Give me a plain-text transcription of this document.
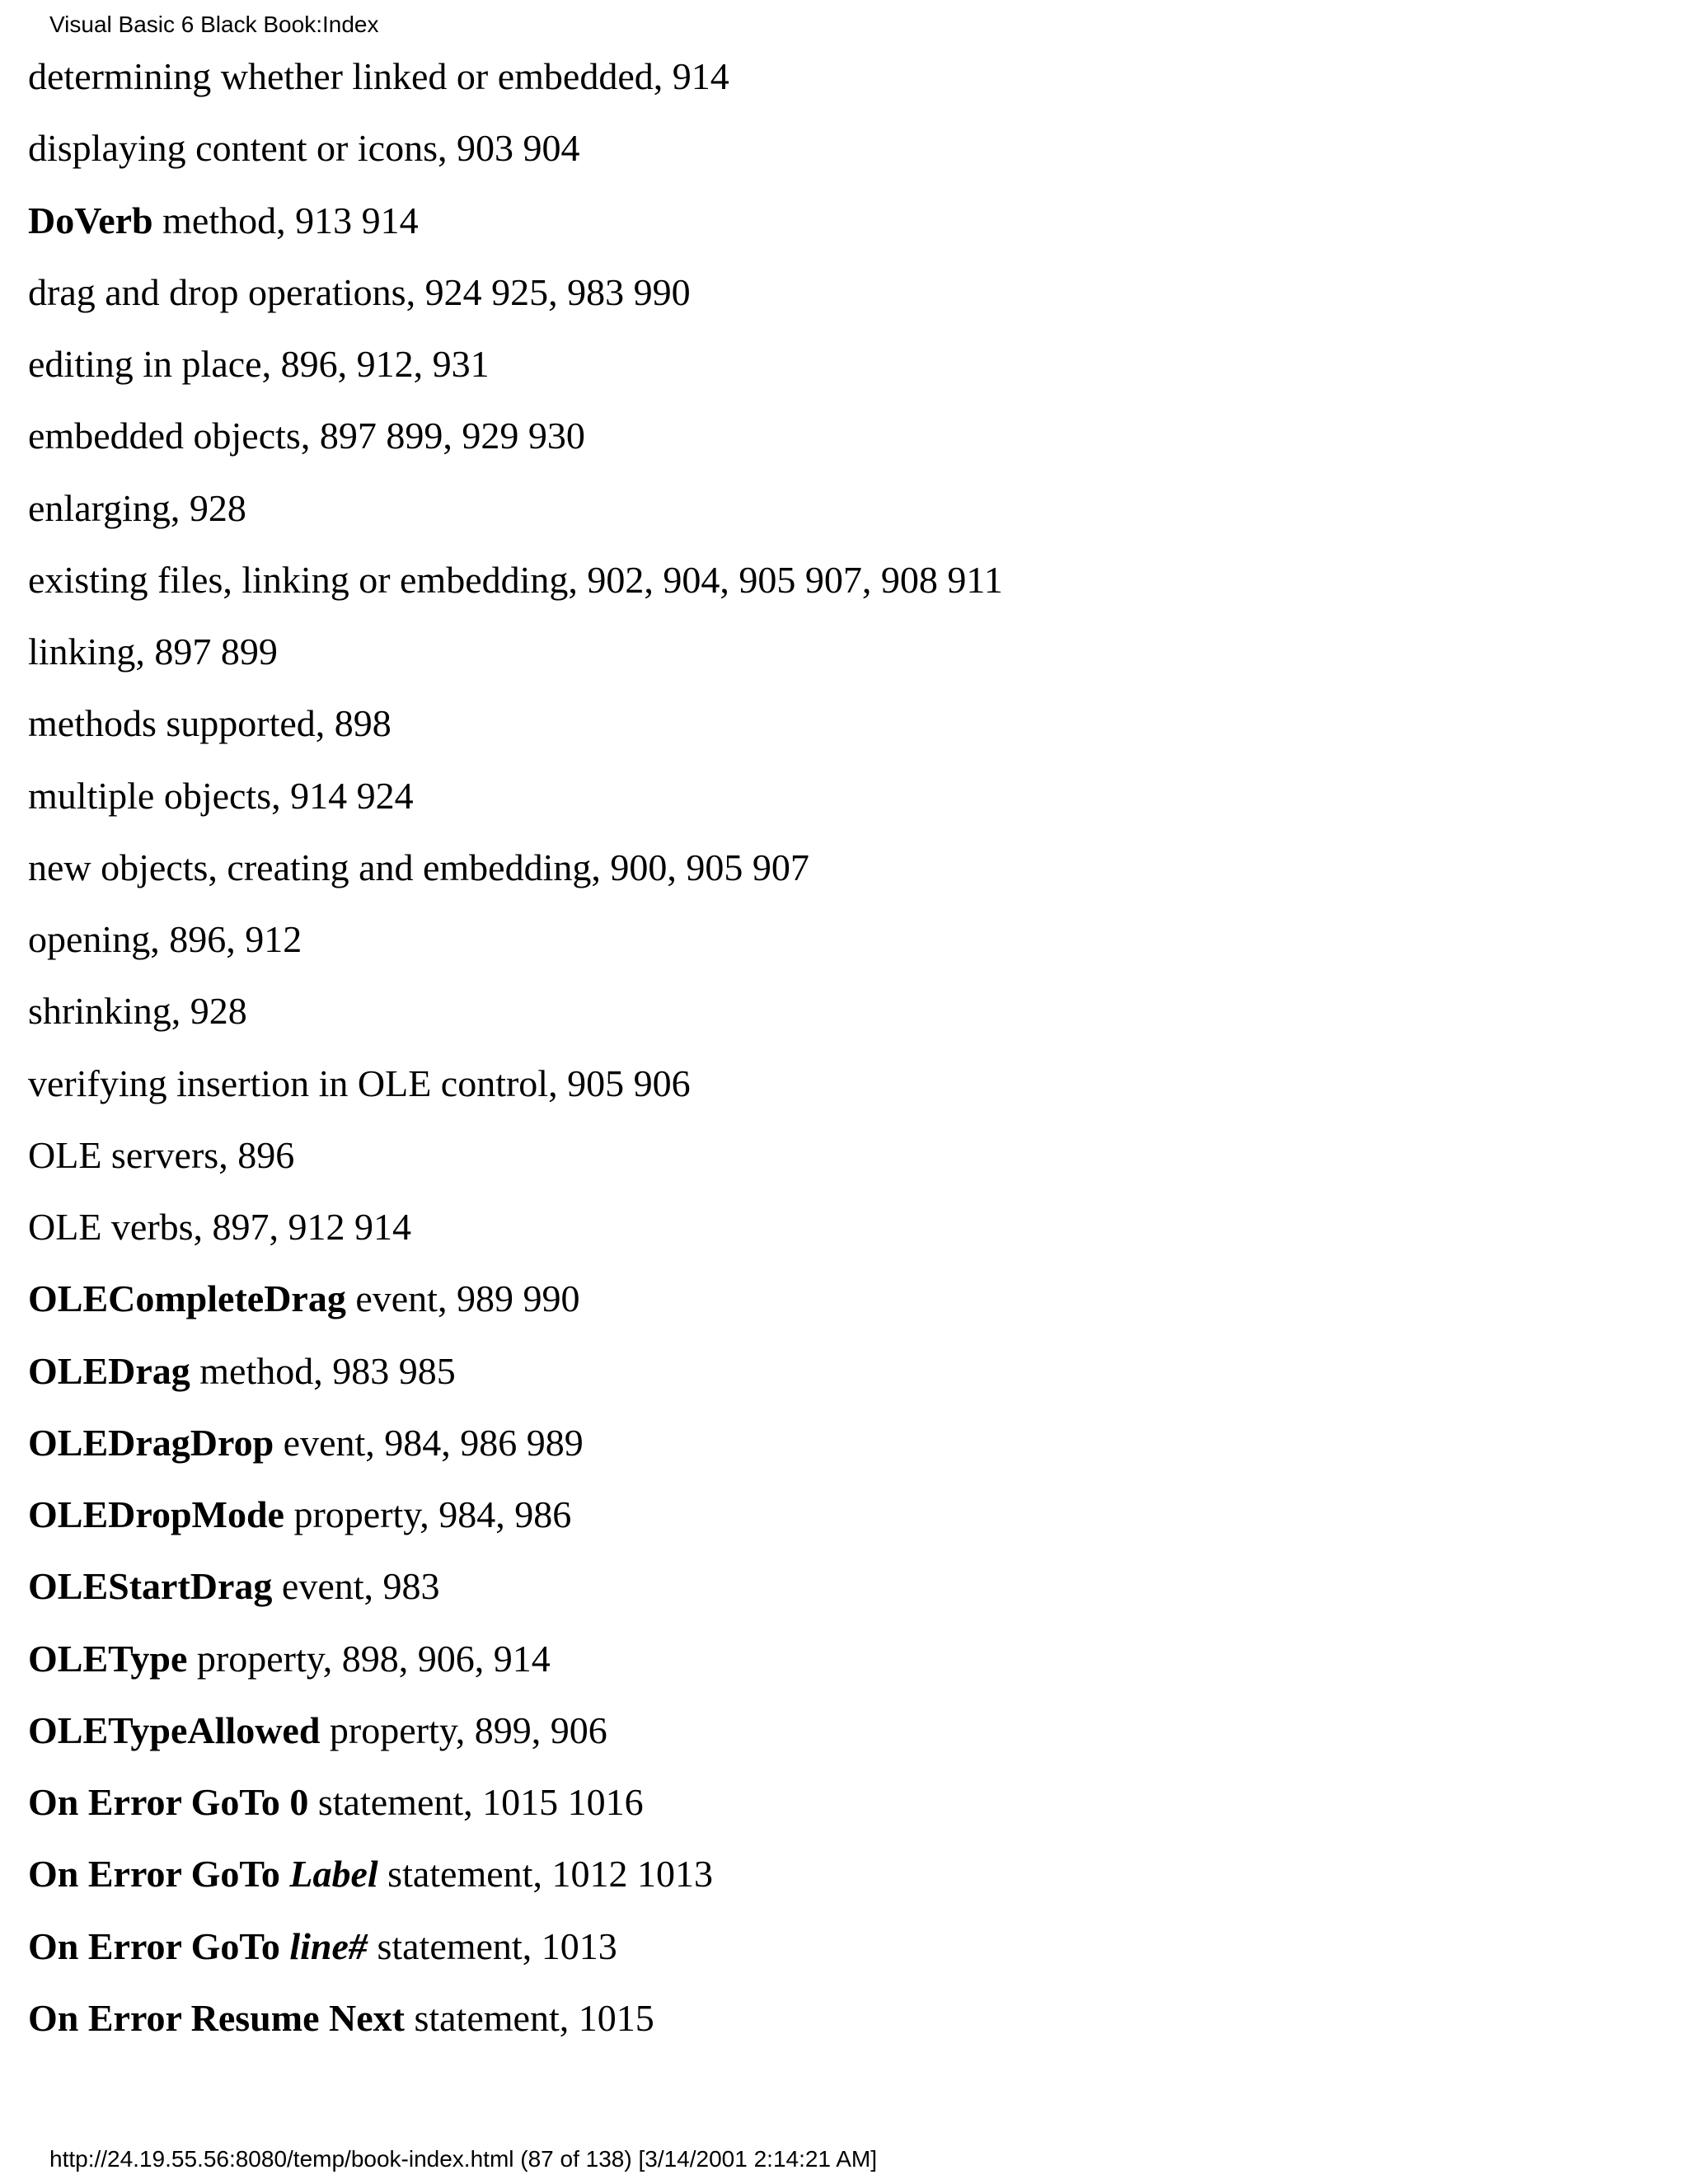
Visual Basic 6 Black Book:Index
determining whether linked or embedded, 914
displaying content or icons, 903 904
DoVerb method, 913 914
drag and drop operations, 924 925, 983 990
editing in place, 896, 912, 931
embedded objects, 897 899, 929 930
enlarging, 928
existing files, linking or embedding, 902, 904, 905 907, 908 911
linking, 897 899
methods supported, 898
multiple objects, 914 924
new objects, creating and embedding, 900, 905 907
opening, 896, 912
shrinking, 928
verifying insertion in OLE control, 905 906
OLE servers, 896
OLE verbs, 897, 912 914
OLECompleteDrag event, 989 990
OLEDrag method, 983 985
OLEDragDrop event, 984, 986 989
OLEDropMode property, 984, 986
OLEStartDrag event, 983
OLEType property, 898, 906, 914
OLETypeAllowed property, 899, 906
On Error GoTo 0 statement, 1015 1016
On Error GoTo Label statement, 1012 1013
On Error GoTo line# statement, 1013
On Error Resume Next statement, 1015
http://24.19.55.56:8080/temp/book-index.html (87 of 138) [3/14/2001 2:14:21 AM]
